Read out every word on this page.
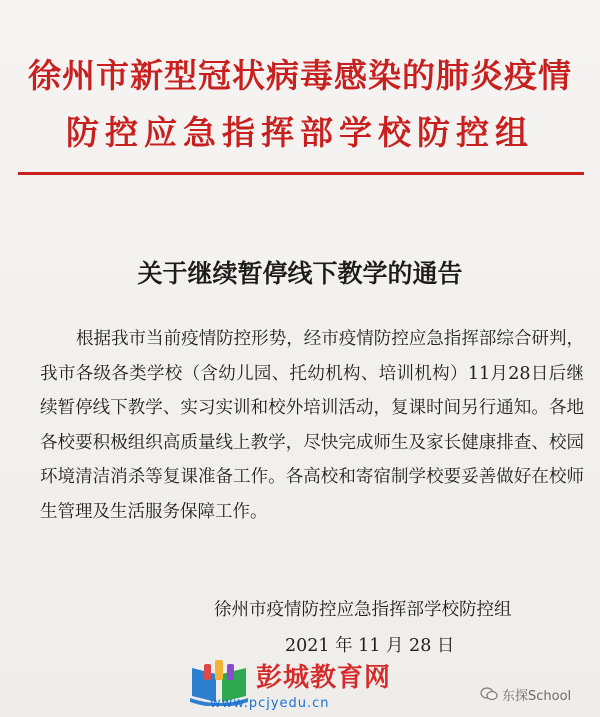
徐州市新型冠状病毒感染的肺炎疫情
防控应急指挥部学校防控组
关于继续暂停线下教学的通告

根据我市当前疫情防控形势，经市疫情防控应急指挥部综合研判，我市各级各类学校（含幼儿园、托幼机构、培训机构）11月28日后继续暂停线下教学、实习实训和校外培训活动，复课时间另行通知。各地各校要积极组织高质量线上教学，尽快完成师生及家长健康排查、校园环境清洁消杀等复课准备工作。各高校和寄宿制学校要妥善做好在校师生管理及生活服务保障工作。

徐州市疫情防控应急指挥部学校防控组
2021 年 11 月 28 日
彭城教育网
www.pcjyedu.cn	东探School
